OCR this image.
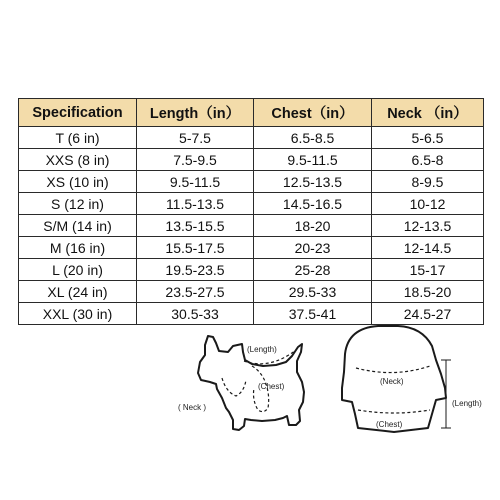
Specification	Length（in）	Chest（in）	Neck （in）
T (6 in)	5-7.5	6.5-8.5	5-6.5
XXS (8 in)	7.5-9.5	9.5-11.5	6.5-8
XS (10 in)	9.5-11.5	12.5-13.5	8-9.5
S (12 in)	11.5-13.5	14.5-16.5	10-12
S/M (14 in)	13.5-15.5	18-20	12-13.5
M (16 in)	15.5-17.5	20-23	12-14.5
L (20 in)	19.5-23.5	25-28	15-17
XL (24 in)	23.5-27.5	29.5-33	18.5-20
XXL (30 in)	30.5-33	37.5-41	24.5-27
(Length)
(Chest)
( Neck )
(Neck)
(Chest)
(Length)
